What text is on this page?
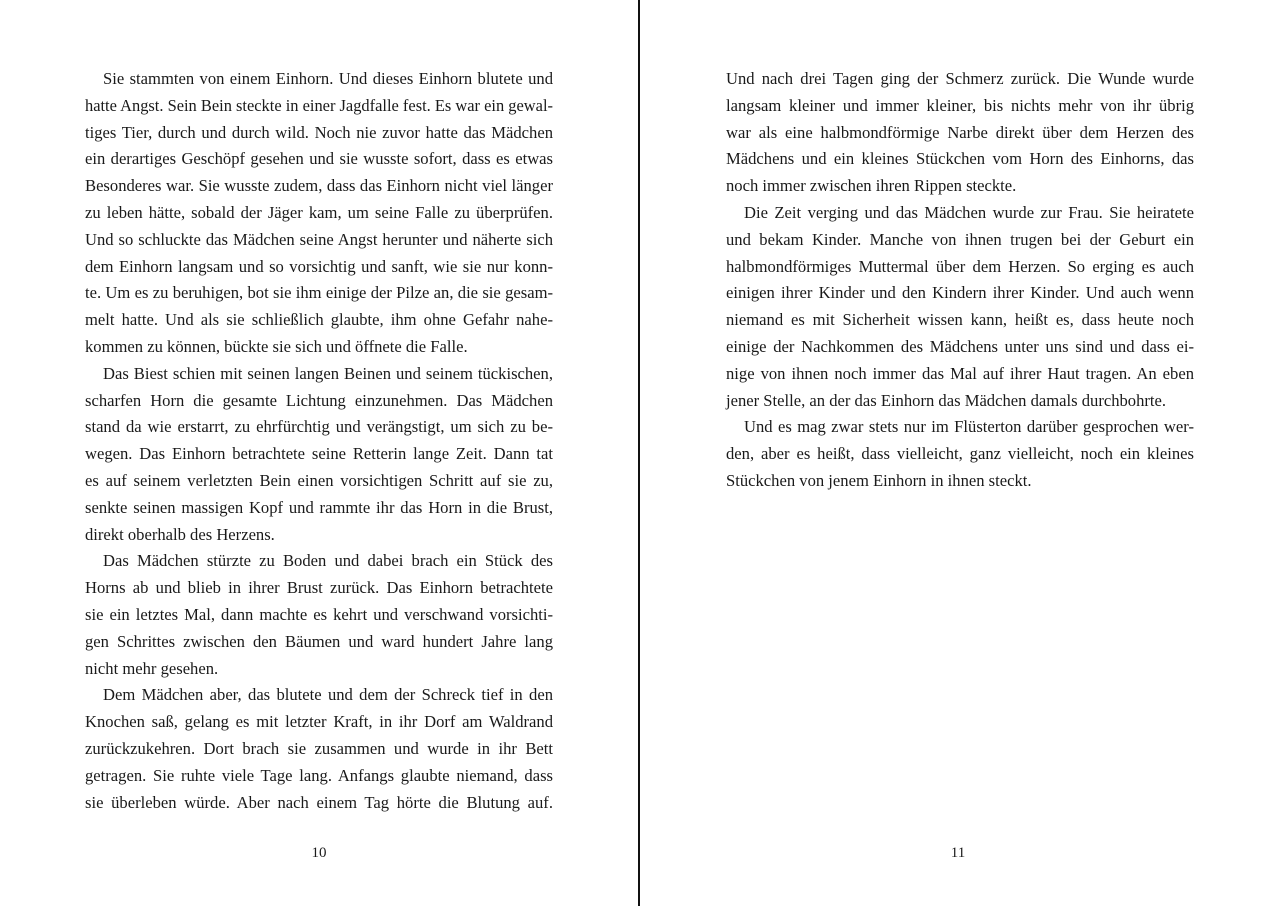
Sie stammten von einem Einhorn. Und dieses Einhorn blutete und
hatte Angst. Sein Bein steckte in einer Jagdfalle fest. Es war ein gewal-
tiges Tier, durch und durch wild. Noch nie zuvor hatte das Mädchen
ein derartiges Geschöpf gesehen und sie wusste sofort, dass es etwas
Besonderes war. Sie wusste zudem, dass das Einhorn nicht viel länger
zu leben hätte, sobald der Jäger kam, um seine Falle zu überprüfen.
Und so schluckte das Mädchen seine Angst herunter und näherte sich
dem Einhorn langsam und so vorsichtig und sanft, wie sie nur konn-
te. Um es zu beruhigen, bot sie ihm einige der Pilze an, die sie gesam-
melt hatte. Und als sie schließlich glaubte, ihm ohne Gefahr nahe-
kommen zu können, bückte sie sich und öffnete die Falle.

Das Biest schien mit seinen langen Beinen und seinem tückischen,
scharfen Horn die gesamte Lichtung einzunehmen. Das Mädchen
stand da wie erstarrt, zu ehrfürchtig und verängstigt, um sich zu be-
wegen. Das Einhorn betrachtete seine Retterin lange Zeit. Dann tat
es auf seinem verletzten Bein einen vorsichtigen Schritt auf sie zu,
senkte seinen massigen Kopf und rammte ihr das Horn in die Brust,
direkt oberhalb des Herzens.

Das Mädchen stürzte zu Boden und dabei brach ein Stück des
Horns ab und blieb in ihrer Brust zurück. Das Einhorn betrachtete
sie ein letztes Mal, dann machte es kehrt und verschwand vorsichti-
gen Schrittes zwischen den Bäumen und ward hundert Jahre lang
nicht mehr gesehen.

Dem Mädchen aber, das blutete und dem der Schreck tief in den
Knochen saß, gelang es mit letzter Kraft, in ihr Dorf am Waldrand
zurückzukehren. Dort brach sie zusammen und wurde in ihr Bett
getragen. Sie ruhte viele Tage lang. Anfangs glaubte niemand, dass
sie überleben würde. Aber nach einem Tag hörte die Blutung auf.

10

Und nach drei Tagen ging der Schmerz zurück. Die Wunde wurde
langsam kleiner und immer kleiner, bis nichts mehr von ihr übrig
war als eine halbmondförmige Narbe direkt über dem Herzen des
Mädchens und ein kleines Stückchen vom Horn des Einhorns, das
noch immer zwischen ihren Rippen steckte.

Die Zeit verging und das Mädchen wurde zur Frau. Sie heiratete
und bekam Kinder. Manche von ihnen trugen bei der Geburt ein
halbmondförmiges Muttermal über dem Herzen. So erging es auch
einigen ihrer Kinder und den Kindern ihrer Kinder. Und auch wenn
niemand es mit Sicherheit wissen kann, heißt es, dass heute noch
einige der Nachkommen des Mädchens unter uns sind und dass ei-
nige von ihnen noch immer das Mal auf ihrer Haut tragen. An eben
jener Stelle, an der das Einhorn das Mädchen damals durchbohrte.

Und es mag zwar stets nur im Flüsterton darüber gesprochen wer-
den, aber es heißt, dass vielleicht, ganz vielleicht, noch ein kleines
Stückchen von jenem Einhorn in ihnen steckt.

11
